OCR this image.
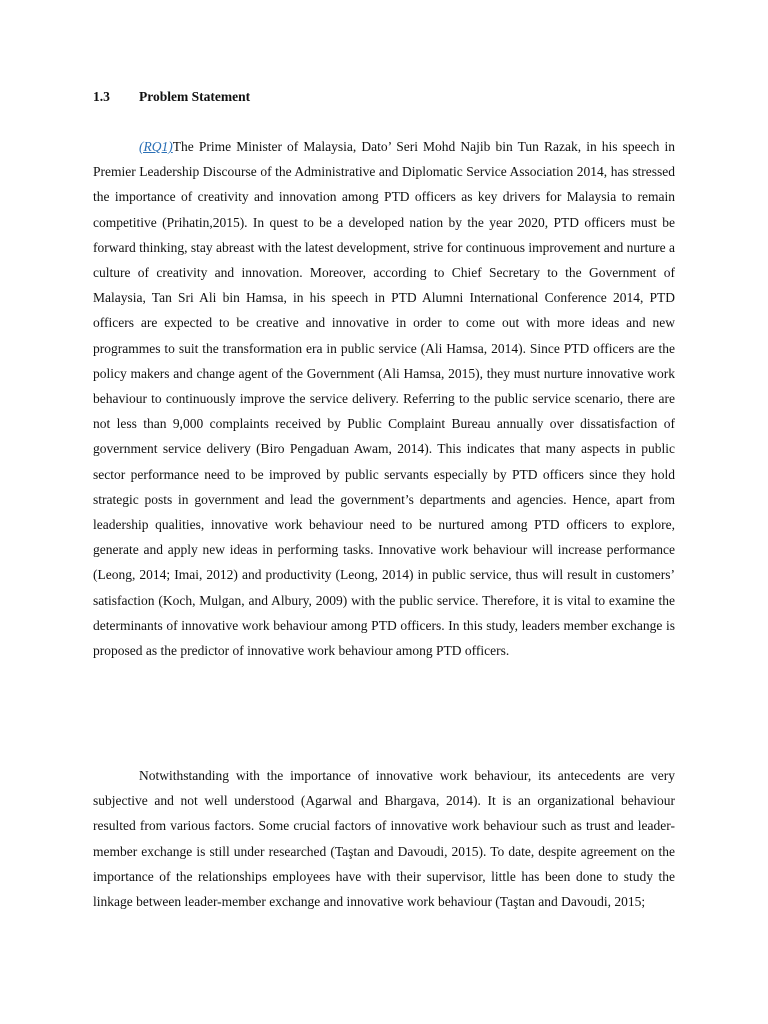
1.3 Problem Statement

(RQ1)The Prime Minister of Malaysia, Dato’ Seri Mohd Najib bin Tun Razak, in his speech in Premier Leadership Discourse of the Administrative and Diplomatic Service Association 2014, has stressed the importance of creativity and innovation among PTD officers as key drivers for Malaysia to remain competitive (Prihatin,2015). In quest to be a developed nation by the year 2020, PTD officers must be forward thinking, stay abreast with the latest development, strive for continuous improvement and nurture a culture of creativity and innovation. Moreover, according to Chief Secretary to the Government of Malaysia, Tan Sri Ali bin Hamsa, in his speech in PTD Alumni International Conference 2014, PTD officers are expected to be creative and innovative in order to come out with more ideas and new programmes to suit the transformation era in public service (Ali Hamsa, 2014). Since PTD officers are the policy makers and change agent of the Government (Ali Hamsa, 2015), they must nurture innovative work behaviour to continuously improve the service delivery. Referring to the public service scenario, there are not less than 9,000 complaints received by Public Complaint Bureau annually over dissatisfaction of government service delivery (Biro Pengaduan Awam, 2014). This indicates that many aspects in public sector performance need to be improved by public servants especially by PTD officers since they hold strategic posts in government and lead the government’s departments and agencies. Hence, apart from leadership qualities, innovative work behaviour need to be nurtured among PTD officers to explore, generate and apply new ideas in performing tasks. Innovative work behaviour will increase performance (Leong, 2014; Imai, 2012) and productivity (Leong, 2014) in public service, thus will result in customers’ satisfaction (Koch, Mulgan, and Albury, 2009) with the public service. Therefore, it is vital to examine the determinants of innovative work behaviour among PTD officers. In this study, leaders member exchange is proposed as the predictor of innovative work behaviour among PTD officers.

Notwithstanding with the importance of innovative work behaviour, its antecedents are very subjective and not well understood (Agarwal and Bhargava, 2014). It is an organizational behaviour resulted from various factors. Some crucial factors of innovative work behaviour such as trust and leader-member exchange is still under researched (Taştan and Davoudi, 2015). To date, despite agreement on the importance of the relationships employees have with their supervisor, little has been done to study the linkage between leader-member exchange and innovative work behaviour (Taştan and Davoudi, 2015;
